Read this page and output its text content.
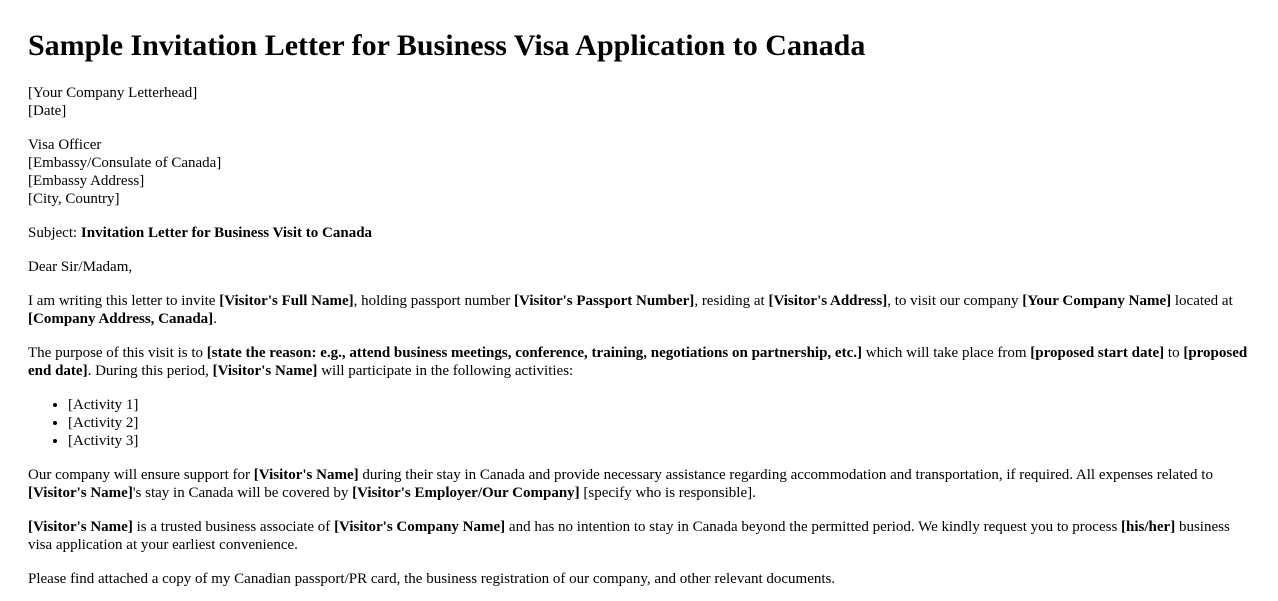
Sample Invitation Letter for Business Visa Application to Canada

[Your Company Letterhead]
[Date]

Visa Officer
[Embassy/Consulate of Canada]
[Embassy Address]
[City, Country]

Subject: Invitation Letter for Business Visit to Canada

Dear Sir/Madam,

I am writing this letter to invite [Visitor's Full Name], holding passport number [Visitor's Passport Number], residing at [Visitor's Address], to visit our company [Your Company Name] located at [Company Address, Canada].

The purpose of this visit is to [state the reason: e.g., attend business meetings, conference, training, negotiations on partnership, etc.] which will take place from [proposed start date] to [proposed end date]. During this period, [Visitor's Name] will participate in the following activities:

• [Activity 1]
• [Activity 2]
• [Activity 3]

Our company will ensure support for [Visitor's Name] during their stay in Canada and provide necessary assistance regarding accommodation and transportation, if required. All expenses related to [Visitor's Name]'s stay in Canada will be covered by [Visitor's Employer/Our Company] [specify who is responsible].

[Visitor's Name] is a trusted business associate of [Visitor's Company Name] and has no intention to stay in Canada beyond the permitted period. We kindly request you to process [his/her] business visa application at your earliest convenience.

Please find attached a copy of my Canadian passport/PR card, the business registration of our company, and other relevant documents.
